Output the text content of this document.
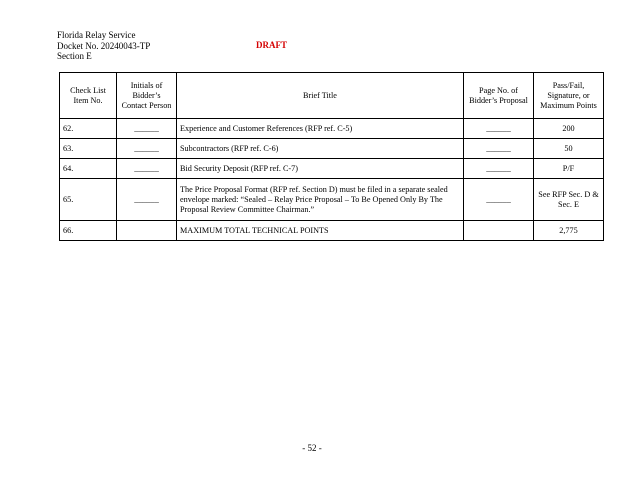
Florida Relay Service
Docket No. 20240043-TP
Section E
DRAFT
Check List Item No.	Initials of Bidder’s Contact Person	Brief Title	Page No. of Bidder’s Proposal	Pass/Fail, Signature, or Maximum Points
62.	______	Experience and Customer References (RFP ref. C-5)	______	200
63.	______	Subcontractors (RFP ref. C-6)	______	50
64.	______	Bid Security Deposit (RFP ref. C-7)	______	P/F
65.	______	The Price Proposal Format (RFP ref. Section D) must be filed in a separate sealed envelope marked: “Sealed – Relay Price Proposal – To Be Opened Only By The Proposal Review Committee Chairman.”	______	See RFP Sec. D & Sec. E
66.		MAXIMUM TOTAL TECHNICAL POINTS		2,775
- 52 -
